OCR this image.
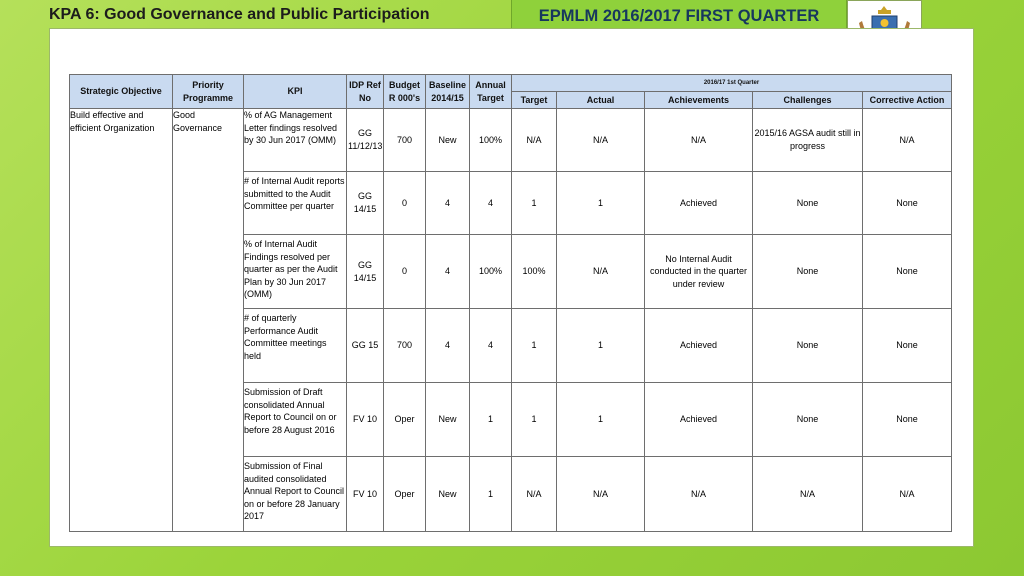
KPA 6: Good Governance and Public Participation	EPMLM 2016/2017 FIRST QUARTER
Strategic Objective	Priority Programme	KPI	IDP Ref No	Budget R 000's	Baseline 2014/15	Annual Target	2016/17 1st Quarter				
							Target	Actual	Achievements	Challenges	Corrective Action
Build effective and efficient Organization	Good Governance	% of AG Management Letter findings resolved by 30 Jun 2017 (OMM)	GG 11/12/13	700	New	100%	N/A	N/A	N/A	2015/16 AGSA audit still in progress	N/A
		# of Internal Audit reports submitted to the Audit Committee per quarter	GG 14/15	0	4	4	1	1	Achieved	None	None
		% of Internal Audit Findings resolved per quarter as per the Audit Plan by 30 Jun 2017 (OMM)	GG 14/15	0	4	100%	100%	N/A	No Internal Audit conducted in the quarter under review	None	None
		# of quarterly Performance Audit Committee meetings held	GG 15	700	4	4	1	1	Achieved	None	None
		Submission of Draft consolidated Annual Report to Council on or before 28 August 2016	FV 10	Oper	New	1	1	1	Achieved	None	None
		Submission of Final audited consolidated Annual Report to Council on or before 28 January 2017	FV 10	Oper	New	1	N/A	N/A	N/A	N/A	N/A
